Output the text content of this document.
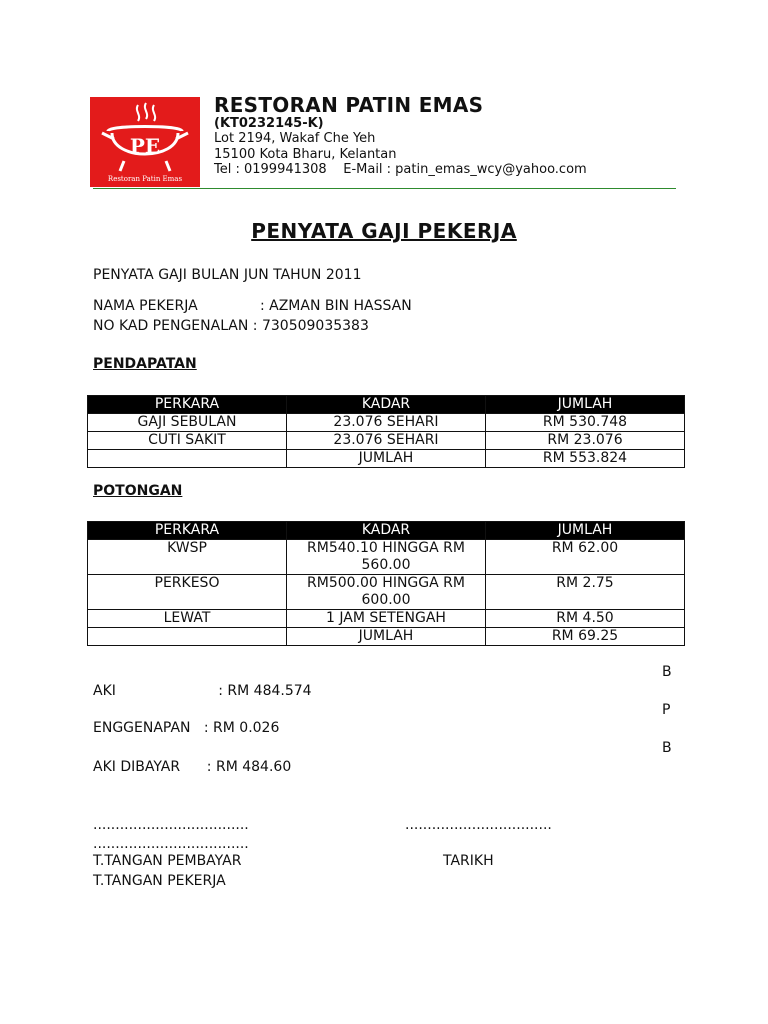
PE
Restoran Patin Emas
RESTORAN PATIN EMAS
(KT0232145-K)
Lot 2194, Wakaf Che Yeh
15100 Kota Bharu, Kelantan
Tel : 0199941308    E-Mail : patin_emas_wcy@yahoo.com
PENYATA GAJI PEKERJA
PENYATA GAJI BULAN JUN TAHUN 2011
NAMA PEKERJA              : AZMAN BIN HASSAN
NO KAD PENGENALAN : 730509035383
PENDAPATAN
PERKARA	KADAR	JUMLAH
GAJI SEBULAN	23.076 SEHARI	RM 530.748
CUTI SAKIT	23.076 SEHARI	RM 23.076
	JUMLAH	RM 553.824
POTONGAN
PERKARA	KADAR	JUMLAH
KWSP	RM540.10 HINGGA RM 560.00	RM 62.00
PERKESO	RM500.00 HINGGA RM 600.00	RM 2.75
LEWAT	1 JAM SETENGAH	RM 4.50
	JUMLAH	RM 69.25
B
AKI                       : RM 484.574
P
ENGGENAPAN   : RM 0.026
B
AKI DIBAYAR      : RM 484.60
...................................	.................................
...................................
T.TANGAN PEMBAYAR	TARIKH
T.TANGAN PEKERJA
